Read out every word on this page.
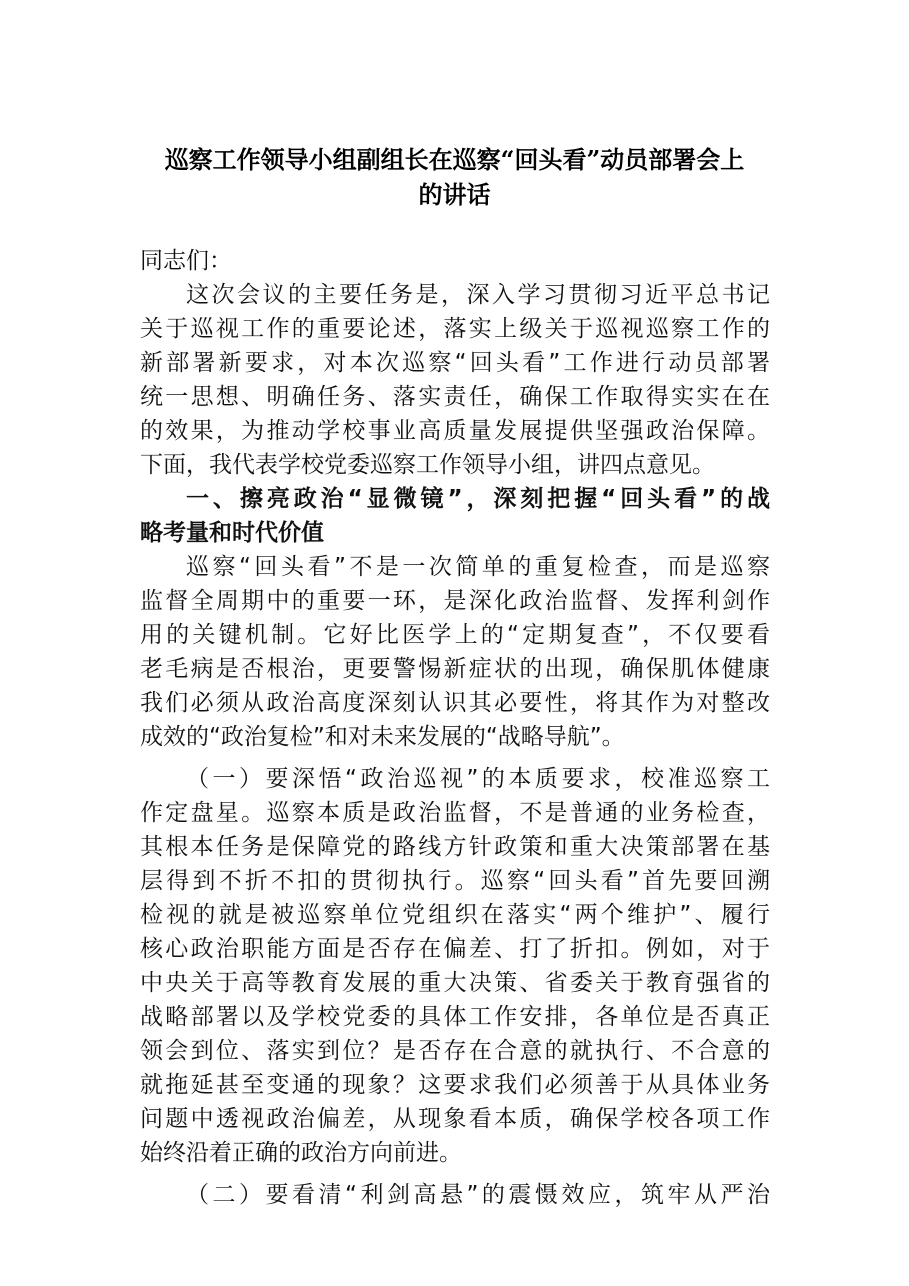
巡察工作领导小组副组长在巡察“回头看”动员部署会上
的讲话
同志们：
这次会议的主要任务是，深入学习贯彻习近平总书记
关于巡视工作的重要论述，落实上级关于巡视巡察工作的
新部署新要求，对本次巡察“回头看”工作进行动员部署
统一思想、明确任务、落实责任，确保工作取得实实在在
的效果，为推动学校事业高质量发展提供坚强政治保障。
下面，我代表学校党委巡察工作领导小组，讲四点意见。
一、擦亮政治“显微镜”，深刻把握“回头看”的战
略考量和时代价值
巡察“回头看”不是一次简单的重复检查，而是巡察
监督全周期中的重要一环，是深化政治监督、发挥利剑作
用的关键机制。它好比医学上的“定期复查”，不仅要看
老毛病是否根治，更要警惕新症状的出现，确保肌体健康
我们必须从政治高度深刻认识其必要性，将其作为对整改
成效的“政治复检”和对未来发展的“战略导航”。
（一）要深悟“政治巡视”的本质要求，校准巡察工
作定盘星。巡察本质是政治监督，不是普通的业务检查，
其根本任务是保障党的路线方针政策和重大决策部署在基
层得到不折不扣的贯彻执行。巡察“回头看”首先要回溯
检视的就是被巡察单位党组织在落实“两个维护”、履行
核心政治职能方面是否存在偏差、打了折扣。例如，对于
中央关于高等教育发展的重大决策、省委关于教育强省的
战略部署以及学校党委的具体工作安排，各单位是否真正
领会到位、落实到位？是否存在合意的就执行、不合意的
就拖延甚至变通的现象？这要求我们必须善于从具体业务
问题中透视政治偏差，从现象看本质，确保学校各项工作
始终沿着正确的政治方向前进。
（二）要看清“利剑高悬”的震慑效应，筑牢从严治
